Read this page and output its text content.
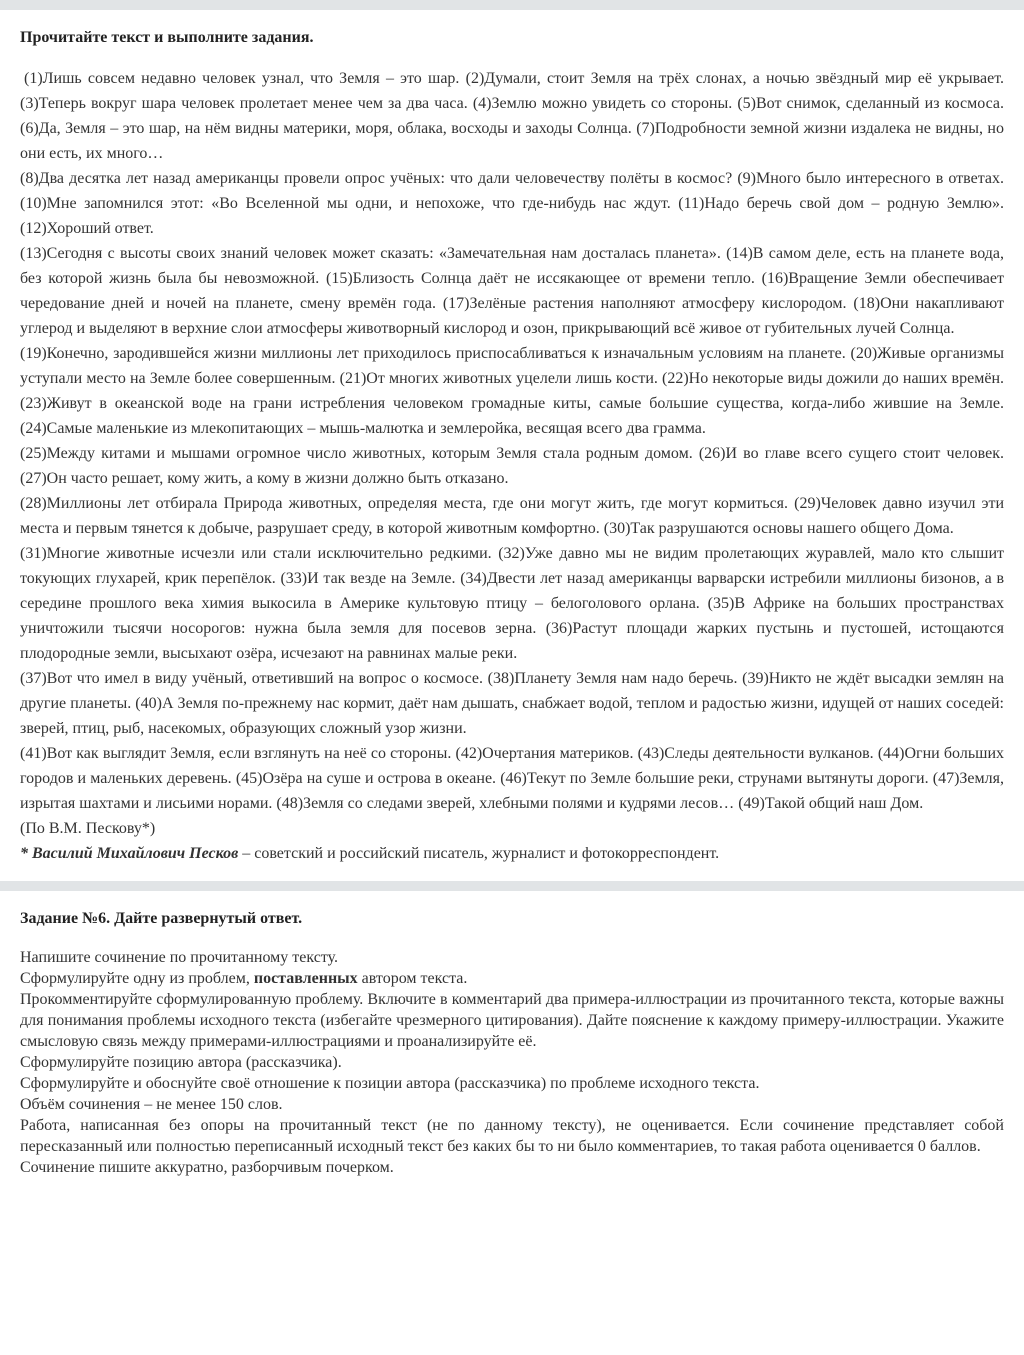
Прочитайте текст и выполните задания.

(1)Лишь совсем недавно человек узнал, что Земля – это шар. (2)Думали, стоит Земля на трёх слонах, а ночью звёздный мир её укрывает. (3)Теперь вокруг шара человек пролетает менее чем за два часа. (4)Землю можно увидеть со стороны. (5)Вот снимок, сделанный из космоса. (6)Да, Земля – это шар, на нём видны материки, моря, облака, восходы и заходы Солнца. (7)Подробности земной жизни издалека не видны, но они есть, их много…

(8)Два десятка лет назад американцы провели опрос учёных: что дали человечеству полёты в космос? (9)Много было интересного в ответах. (10)Мне запомнился этот: «Во Вселенной мы одни, и непохоже, что где-нибудь нас ждут. (11)Надо беречь свой дом – родную Землю». (12)Хороший ответ.

(13)Сегодня с высоты своих знаний человек может сказать: «Замечательная нам досталась планета». (14)В самом деле, есть на планете вода, без которой жизнь была бы невозможной. (15)Близость Солнца даёт не иссякающее от времени тепло. (16)Вращение Земли обеспечивает чередование дней и ночей на планете, смену времён года. (17)Зелёные растения наполняют атмосферу кислородом. (18)Они накапливают углерод и выделяют в верхние слои атмосферы животворный кислород и озон, прикрывающий всё живое от губительных лучей Солнца.

(19)Конечно, зародившейся жизни миллионы лет приходилось приспосабливаться к изначальным условиям на планете. (20)Живые организмы уступали место на Земле более совершенным. (21)От многих животных уцелели лишь кости. (22)Но некоторые виды дожили до наших времён. (23)Живут в океанской воде на грани истребления человеком громадные киты, самые большие существа, когда-либо жившие на Земле. (24)Самые маленькие из млекопитающих – мышь-малютка и землеройка, весящая всего два грамма.

(25)Между китами и мышами огромное число животных, которым Земля стала родным домом. (26)И во главе всего сущего стоит человек. (27)Он часто решает, кому жить, а кому в жизни должно быть отказано.

(28)Миллионы лет отбирала Природа животных, определяя места, где они могут жить, где могут кормиться. (29)Человек давно изучил эти места и первым тянется к добыче, разрушает среду, в которой животным комфортно. (30)Так разрушаются основы нашего общего Дома.

(31)Многие животные исчезли или стали исключительно редкими. (32)Уже давно мы не видим пролетающих журавлей, мало кто слышит токующих глухарей, крик перепёлок. (33)И так везде на Земле. (34)Двести лет назад американцы варварски истребили миллионы бизонов, а в середине прошлого века химия выкосила в Америке культовую птицу – белоголового орлана. (35)В Африке на больших пространствах уничтожили тысячи носорогов: нужна была земля для посевов зерна. (36)Растут площади жарких пустынь и пустошей, истощаются плодородные земли, высыхают озёра, исчезают на равнинах малые реки.

(37)Вот что имел в виду учёный, ответивший на вопрос о космосе. (38)Планету Земля нам надо беречь. (39)Никто не ждёт высадки землян на другие планеты. (40)А Земля по-прежнему нас кормит, даёт нам дышать, снабжает водой, теплом и радостью жизни, идущей от наших соседей: зверей, птиц, рыб, насекомых, образующих сложный узор жизни.

(41)Вот как выглядит Земля, если взглянуть на неё со стороны. (42)Очертания материков. (43)Следы деятельности вулканов. (44)Огни больших городов и маленьких деревень. (45)Озёра на суше и острова в океане. (46)Текут по Земле большие реки, струнами вытянуты дороги. (47)Земля, изрытая шахтами и лисьими норами. (48)Земля со следами зверей, хлебными полями и кудрями лесов… (49)Такой общий наш Дом.

(По В.М. Пескову*)

* Василий Михайлович Песков – советский и российский писатель, журналист и фотокорреспондент.

Задание №6. Дайте развернутый ответ.

Напишите сочинение по прочитанному тексту.

Сформулируйте одну из проблем, поставленных автором текста.

Прокомментируйте сформулированную проблему. Включите в комментарий два примера-иллюстрации из прочитанного текста, которые важны для понимания проблемы исходного текста (избегайте чрезмерного цитирования). Дайте пояснение к каждому примеру-иллюстрации. Укажите смысловую связь между примерами-иллюстрациями и проанализируйте её.

Сформулируйте позицию автора (рассказчика).

Сформулируйте и обоснуйте своё отношение к позиции автора (рассказчика) по проблеме исходного текста.

Объём сочинения – не менее 150 слов.

Работа, написанная без опоры на прочитанный текст (не по данному тексту), не оценивается. Если сочинение представляет собой пересказанный или полностью переписанный исходный текст без каких бы то ни было комментариев, то такая работа оценивается 0 баллов.

Сочинение пишите аккуратно, разборчивым почерком.
